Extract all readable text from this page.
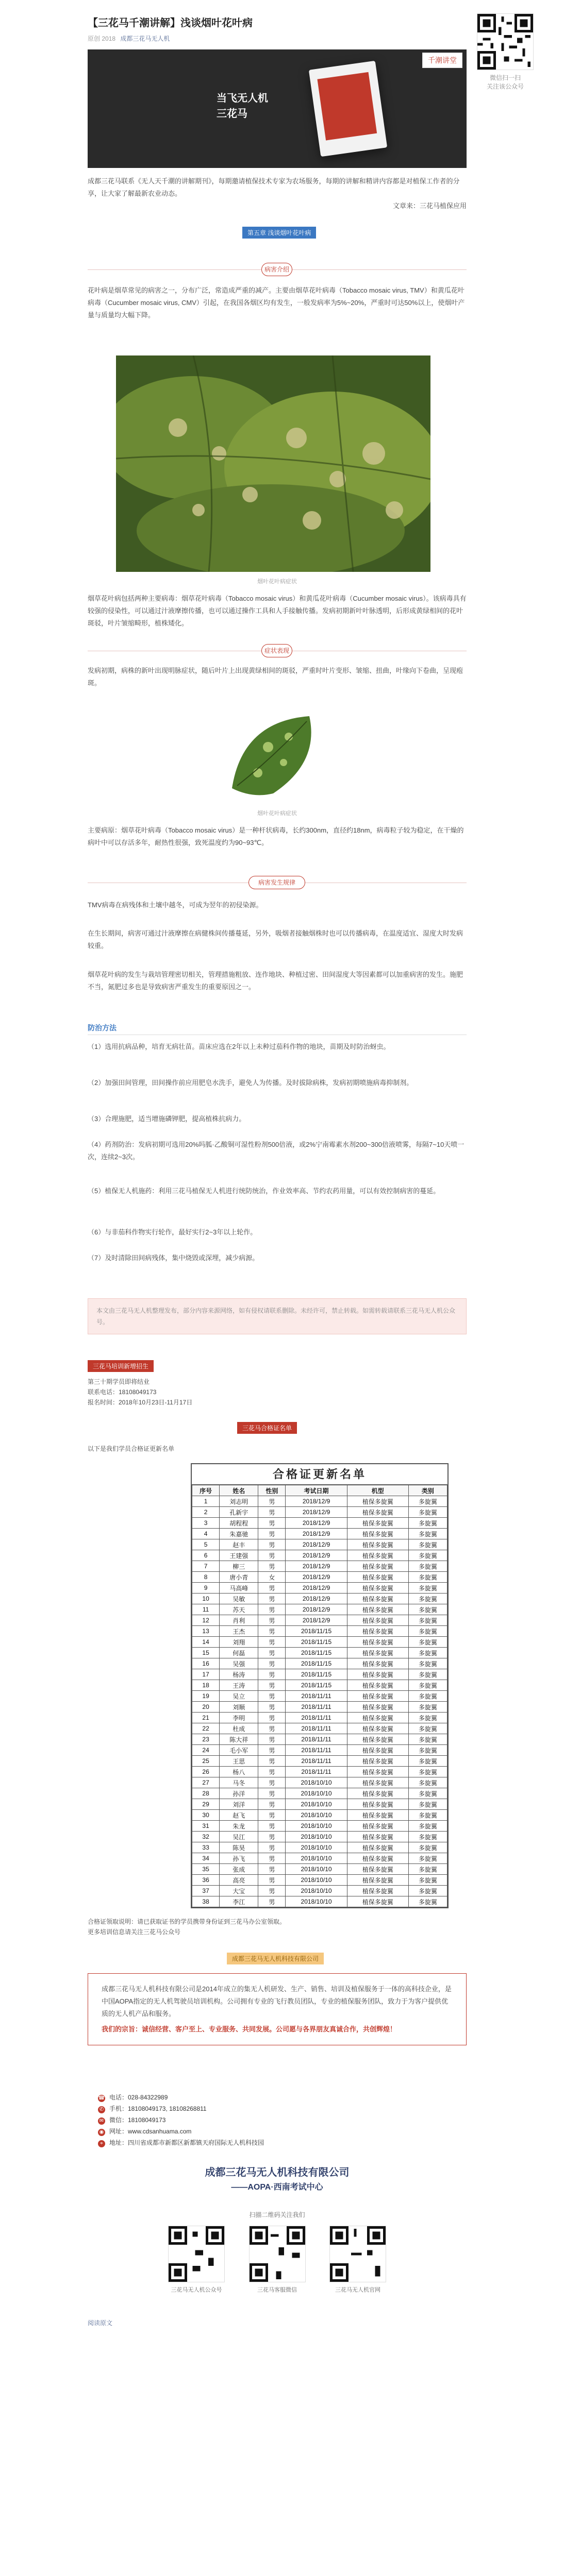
微信扫一扫
关注该公众号
【三花马千潮讲解】浅谈烟叶花叶病
原创 2018 成都三花马无人机
千潮讲堂
当飞无人机
三花马

成都三花马联系《无人天千潮的讲解期刊》，每期邀请植保技术专家为农场服务，每期的讲解和精讲内容都是对植保工作者的分享，让大家了解最新农业动态。

文章来：三花马植保应用

第五章 浅谈烟叶花叶病
病害介绍

花叶病是烟草常见的病害之一，分布广泛，常造成严重的减产。主要由烟草花叶病毒（Tobacco mosaic virus, TMV）和黄瓜花叶病毒（Cucumber mosaic virus, CMV）引起，在我国各烟区均有发生，一般发病率为5%~20%，严重时可达50%以上，使烟叶产量与质量均大幅下降。

烟叶花叶病症状

烟草花叶病包括两种主要病毒：烟草花叶病毒（Tobacco mosaic virus）和黄瓜花叶病毒（Cucumber mosaic virus）。该病毒具有较强的侵染性，可以通过汁液摩擦传播，也可以通过操作工具和人手接触传播。发病初期新叶叶脉透明，后形成黄绿相间的花叶斑驳，叶片皱缩畸形，植株矮化。

症状表现

发病初期，病株的新叶出现明脉症状，随后叶片上出现黄绿相间的斑驳，严重时叶片变形、皱缩、扭曲，叶缘向下卷曲，呈现疱斑。

烟叶花叶病症状

主要病原：烟草花叶病毒（Tobacco mosaic virus）是一种杆状病毒，长约300nm，直径约18nm，病毒粒子较为稳定，在干燥的病叶中可以存活多年，耐热性很强，致死温度约为90~93℃。

病害发生规律

TMV病毒在病残体和土壤中越冬，可成为翌年的初侵染源。

在生长期间，病害可通过汁液摩擦在病健株间传播蔓延，另外，吸烟者接触烟株时也可以传播病毒，在温度适宜、湿度大时发病较重。

烟草花叶病的发生与栽培管理密切相关，管理措施粗放、连作地块、种植过密、田间湿度大等因素都可以加重病害的发生。施肥不当，氮肥过多也是导致病害严重发生的重要原因之一。

防治方法
（1）选用抗病品种，培育无病壮苗。苗床应选在2年以上未种过茄科作物的地块，苗期及时防治蚜虫。
（2）加强田间管理，田间操作前应用肥皂水洗手，避免人为传播。及时拔除病株，发病初期喷施病毒抑制剂。
（3）合理施肥，适当增施磷钾肥，提高植株抗病力。
（4）药剂防治：发病初期可选用20%吗胍·乙酸铜可湿性粉剂500倍液，或2%宁南霉素水剂200~300倍液喷雾，每隔7~10天喷一次，连续2~3次。
（5）植保无人机施药：利用三花马植保无人机进行统防统治，作业效率高、节约农药用量，可以有效控制病害的蔓延。
（6）与非茄科作物实行轮作，最好实行2~3年以上轮作。
（7）及时清除田间病残体，集中烧毁或深埋，减少病源。
本文由三花马无人机整理发布，部分内容来源网络，如有侵权请联系删除。未经许可，禁止转载。如需转载请联系三花马无人机公众号。
三花马培训新增招生

第三十期学员即将结业

联系电话：18108049173

报名时间：2018年10月23日-11月17日

三花马合格证名单
以下是我们学员合格证更新名单
合格证更新名单
序号	姓名	性别	考试日期	机型	类别
1	刘志明	男	2018/12/9	植保多旋翼	多旋翼
2	孔新宇	男	2018/12/9	植保多旋翼	多旋翼
3	胡程程	男	2018/12/9	植保多旋翼	多旋翼
4	朱嘉驰	男	2018/12/9	植保多旋翼	多旋翼
5	赵丰	男	2018/12/9	植保多旋翼	多旋翼
6	王建强	男	2018/12/9	植保多旋翼	多旋翼
7	柳三	男	2018/12/9	植保多旋翼	多旋翼
8	唐小青	女	2018/12/9	植保多旋翼	多旋翼
9	马高峰	男	2018/12/9	植保多旋翼	多旋翼
10	吴敏	男	2018/12/9	植保多旋翼	多旋翼
11	苏天	男	2018/12/9	植保多旋翼	多旋翼
12	肖利	男	2018/12/9	植保多旋翼	多旋翼
13	王杰	男	2018/11/15	植保多旋翼	多旋翼
14	刘翔	男	2018/11/15	植保多旋翼	多旋翼
15	何磊	男	2018/11/15	植保多旋翼	多旋翼
16	吴强	男	2018/11/15	植保多旋翼	多旋翼
17	杨涛	男	2018/11/15	植保多旋翼	多旋翼
18	王涛	男	2018/11/15	植保多旋翼	多旋翼
19	吴立	男	2018/11/11	植保多旋翼	多旋翼
20	刘顺	男	2018/11/11	植保多旋翼	多旋翼
21	李明	男	2018/11/11	植保多旋翼	多旋翼
22	杜成	男	2018/11/11	植保多旋翼	多旋翼
23	陈大祥	男	2018/11/11	植保多旋翼	多旋翼
24	毛小军	男	2018/11/11	植保多旋翼	多旋翼
25	王思	男	2018/11/11	植保多旋翼	多旋翼
26	杨八	男	2018/11/11	植保多旋翼	多旋翼
27	马冬	男	2018/10/10	植保多旋翼	多旋翼
28	孙洋	男	2018/10/10	植保多旋翼	多旋翼
29	刘洋	男	2018/10/10	植保多旋翼	多旋翼
30	赵飞	男	2018/10/10	植保多旋翼	多旋翼
31	朱龙	男	2018/10/10	植保多旋翼	多旋翼
32	吴江	男	2018/10/10	植保多旋翼	多旋翼
33	陈昊	男	2018/10/10	植保多旋翼	多旋翼
34	孙飞	男	2018/10/10	植保多旋翼	多旋翼
35	张成	男	2018/10/10	植保多旋翼	多旋翼
36	高亮	男	2018/10/10	植保多旋翼	多旋翼
37	大宝	男	2018/10/10	植保多旋翼	多旋翼
38	李江	男	2018/10/10	植保多旋翼	多旋翼

合格证领取说明：请已获取证书的学员携带身份证到三花马办公室领取。

更多培训信息请关注三花马公众号

成都三花马无人机科技有限公司

成都三花马无人机科技有限公司是2014年成立的集无人机研发、生产、销售、培训及植保服务于一体的高科技企业，是中国AOPA指定的无人机驾驶员培训机构。公司拥有专业的飞行教员团队，专业的植保服务团队，致力于为客户提供优质的无人机产品和服务。

我们的宗旨：诚信经营、客户至上、专业服务、共同发展。公司愿与各界朋友真诚合作，共创辉煌！

☎ 电话：028-84322989
✆ 手机：18108049173, 18108268811
✉ 微信：18108049173
◉ 网址：www.cdsanhuama.com
⌖ 地址：四川省成都市新都区新都镇天府国际无人机科技园
成都三花马无人机科技有限公司
——AOPA·西南考试中心
扫描二维码关注我们
三花马无人机公众号
	三花马客服微信
	三花马无人机官网
阅读原文
